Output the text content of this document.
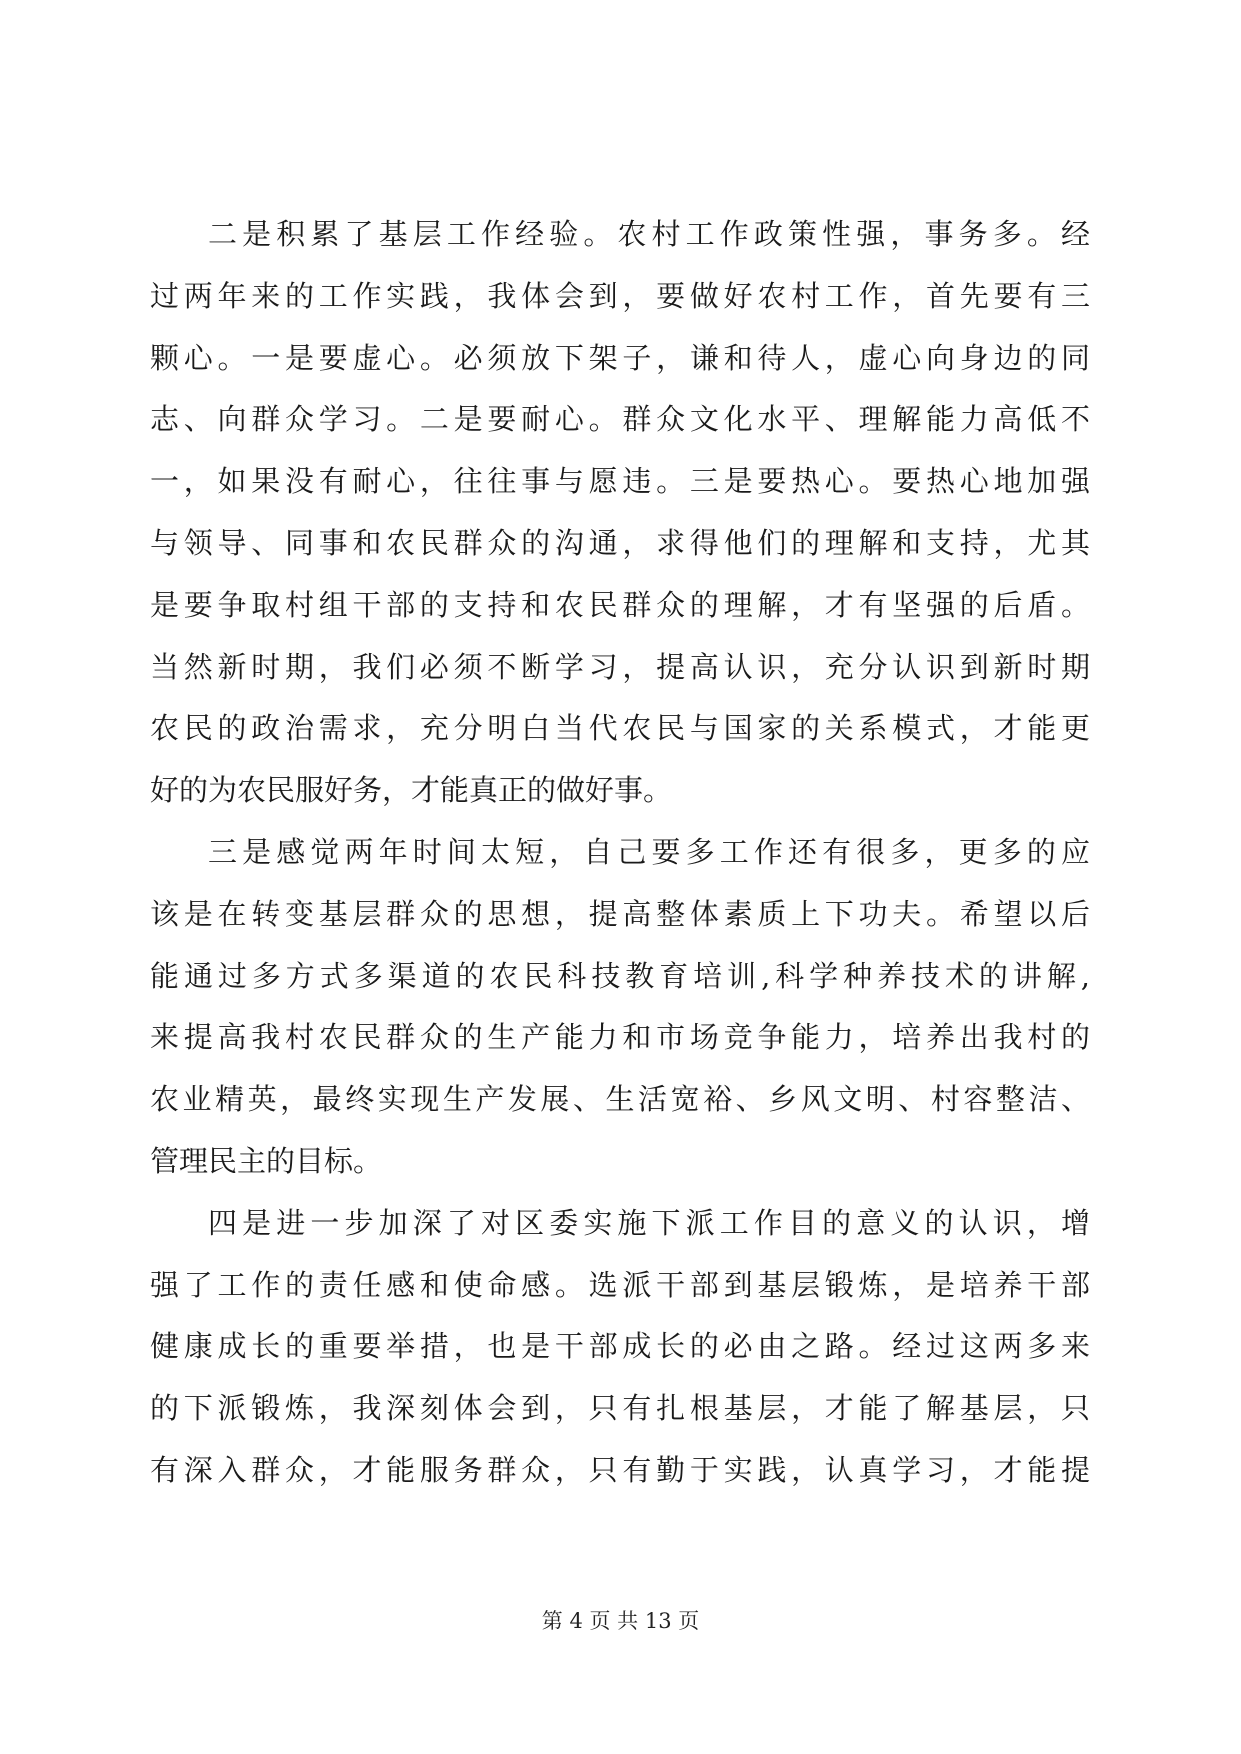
二是积累了基层工作经验。农村工作政策性强，事务多。经
过两年来的工作实践，我体会到，要做好农村工作，首先要有三
颗心。一是要虚心。必须放下架子，谦和待人，虚心向身边的同
志、向群众学习。二是要耐心。群众文化水平、理解能力高低不
一，如果没有耐心，往往事与愿违。三是要热心。要热心地加强
与领导、同事和农民群众的沟通，求得他们的理解和支持，尤其
是要争取村组干部的支持和农民群众的理解，才有坚强的后盾。
当然新时期，我们必须不断学习，提高认识，充分认识到新时期
农民的政治需求，充分明白当代农民与国家的关系模式，才能更
好的为农民服好务，才能真正的做好事。
三是感觉两年时间太短，自己要多工作还有很多，更多的应
该是在转变基层群众的思想，提高整体素质上下功夫。希望以后
能通过多方式多渠道的农民科技教育培训,科学种养技术的讲解,
来提高我村农民群众的生产能力和市场竞争能力，培养出我村的
农业精英，最终实现生产发展、生活宽裕、乡风文明、村容整洁、
管理民主的目标。
四是进一步加深了对区委实施下派工作目的意义的认识，增
强了工作的责任感和使命感。选派干部到基层锻炼，是培养干部
健康成长的重要举措，也是干部成长的必由之路。经过这两多来
的下派锻炼，我深刻体会到，只有扎根基层，才能了解基层，只
有深入群众，才能服务群众，只有勤于实践，认真学习，才能提
第 4 页 共 13 页
